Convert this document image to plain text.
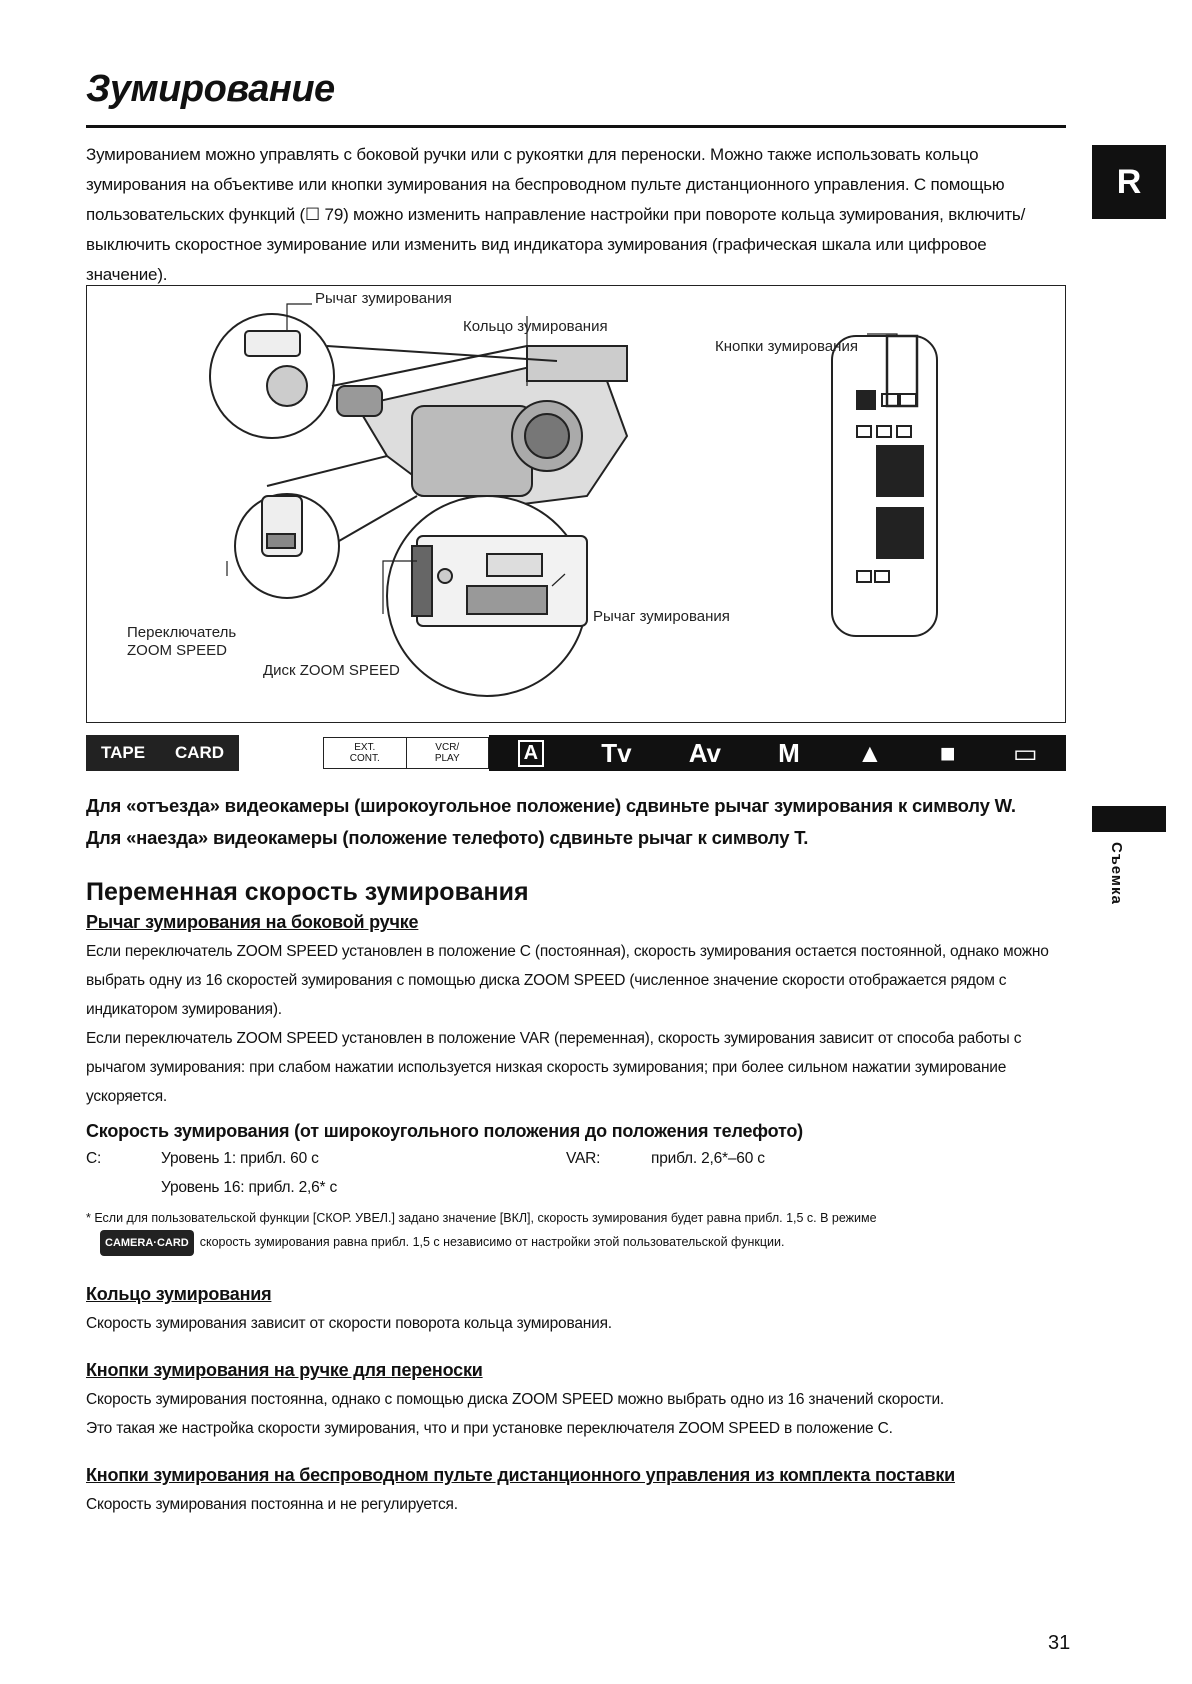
Зумирование
Зумированием можно управлять с боковой ручки или с рукоятки для переноски. Можно также использовать кольцо зумирования на объективе или кнопки зумирования на беспроводном пульте дистанционного управления. С помощью пользовательских функций (☐ 79) можно изменить направление настройки при повороте кольца зумирования, включить/выключить скоростное зумирование или изменить вид индикатора зумирования (графическая шкала или цифровое значение).
R
Съемка
Рычаг зумирования
Кольцо зумирования
Кнопки зумирования
Переключатель
ZOOM SPEED
Диск ZOOM SPEED
Рычаг зумирования
TAPE CARD	EXT.
CONT.
VCR/
PLAY	A Tv Av M ▲ ■ ▭
Для «отъезда» видеокамеры (широкоугольное положение) сдвиньте рычаг зумирования к символу W.
Для «наезда» видеокамеры (положение телефото) сдвиньте рычаг к символу T.
Переменная скорость зумирования
Рычаг зумирования на боковой ручке
Если переключатель ZOOM SPEED установлен в положение C (постоянная), скорость зумирования остается постоянной, однако можно выбрать одну из 16 скоростей зумирования с помощью диска ZOOM SPEED (численное значение скорости отображается рядом с индикатором зумирования).
Если переключатель ZOOM SPEED установлен в положение VAR (переменная), скорость зумирования зависит от способа работы с рычагом зумирования: при слабом нажатии используется низкая скорость зумирования; при более сильном нажатии зумирование ускоряется.
Скорость зумирования (от широкоугольного положения до положения телефото)
C:	Уровень 1: прибл. 60 с
Уровень 16: прибл. 2,6* с
VAR:	прибл. 2,6*–60 с
* Если для пользовательской функции [СКОР. УВЕЛ.] задано значение [ВКЛ], скорость зумирования будет равна прибл. 1,5 с. В режиме
CAMERA·CARD скорость зумирования равна прибл. 1,5 с независимо от настройки этой пользовательской функции.
Кольцо зумирования
Скорость зумирования зависит от скорости поворота кольца зумирования.
Кнопки зумирования на ручке для переноски
Скорость зумирования постоянна, однако с помощью диска ZOOM SPEED можно выбрать одно из 16 значений скорости.
Это такая же настройка скорости зумирования, что и при установке переключателя ZOOM SPEED в положение C.
Кнопки зумирования на беспроводном пульте дистанционного управления из комплекта поставки
Скорость зумирования постоянна и не регулируется.
31
